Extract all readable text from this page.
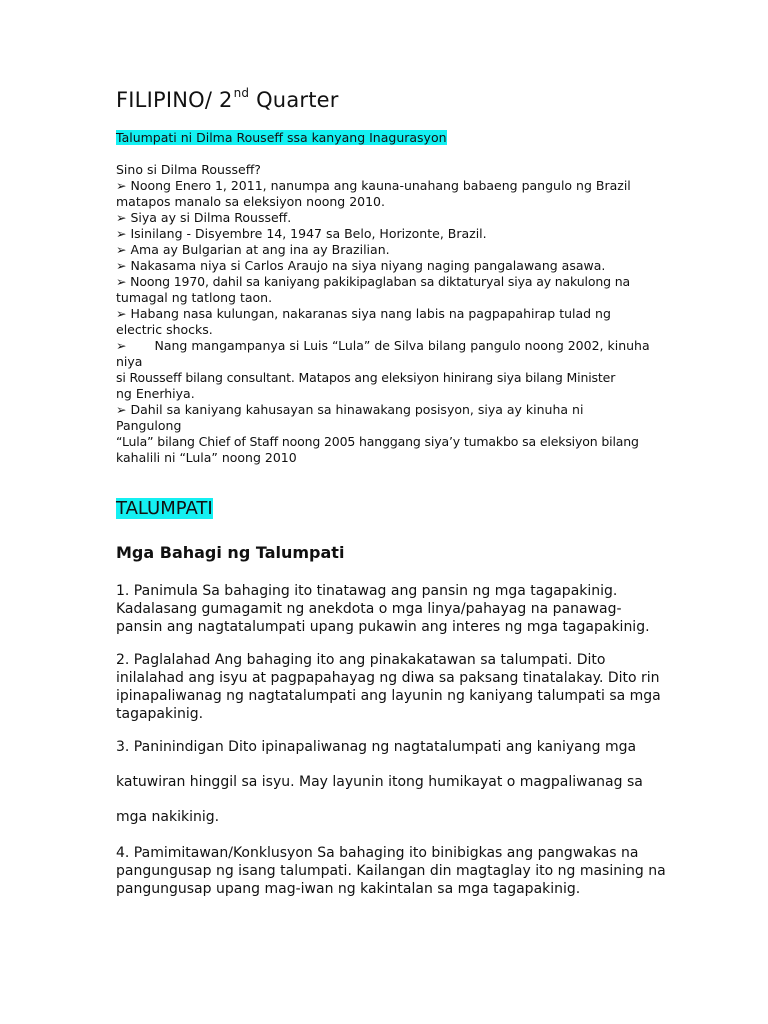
FILIPINO/ 2nd Quarter
Talumpati ni Dilma Rouseff ssa kanyang Inagurasyon
Sino si Dilma Rousseff?
➢ Noong Enero 1, 2011, nanumpa ang kauna-unahang babaeng pangulo ng Brazil
matapos manalo sa eleksiyon noong 2010.
➢ Siya ay si Dilma Rousseff.
➢ Isinilang - Disyembre 14, 1947 sa Belo, Horizonte, Brazil.
➢ Ama ay Bulgarian at ang ina ay Brazilian.
➢ Nakasama niya si Carlos Araujo na siya niyang naging pangalawang asawa.
➢ Noong 1970, dahil sa kaniyang pakikipaglaban sa diktaturyal siya ay nakulong na
tumagal ng tatlong taon.
➢ Habang nasa kulungan, nakaranas siya nang labis na pagpapahirap tulad ng
electric shocks.
➢ Nang mangampanya si Luis “Lula” de Silva bilang pangulo noong 2002, kinuha
niya
si Rousseff bilang consultant. Matapos ang eleksiyon hinirang siya bilang Minister
ng Enerhiya.
➢ Dahil sa kaniyang kahusayan sa hinawakang posisyon, siya ay kinuha ni
Pangulong
“Lula” bilang Chief of Staff noong 2005 hanggang siya’y tumakbo sa eleksiyon bilang
kahalili ni “Lula” noong 2010
TALUMPATI
Mga Bahagi ng Talumpati
1. Panimula Sa bahaging ito tinatawag ang pansin ng mga tagapakinig.
Kadalasang gumagamit ng anekdota o mga linya/pahayag na panawag-
pansin ang nagtatalumpati upang pukawin ang interes ng mga tagapakinig.
2. Paglalahad Ang bahaging ito ang pinakakatawan sa talumpati. Dito
inilalahad ang isyu at pagpapahayag ng diwa sa paksang tinatalakay. Dito rin
ipinapaliwanag ng nagtatalumpati ang layunin ng kaniyang talumpati sa mga
tagapakinig.
3. Paninindigan Dito ipinapaliwanag ng nagtatalumpati ang kaniyang mga
katuwiran hinggil sa isyu. May layunin itong humikayat o magpaliwanag sa
mga nakikinig.
4. Pamimitawan/Konklusyon Sa bahaging ito binibigkas ang pangwakas na
pangungusap ng isang talumpati. Kailangan din magtaglay ito ng masining na
pangungusap upang mag-iwan ng kakintalan sa mga tagapakinig.
